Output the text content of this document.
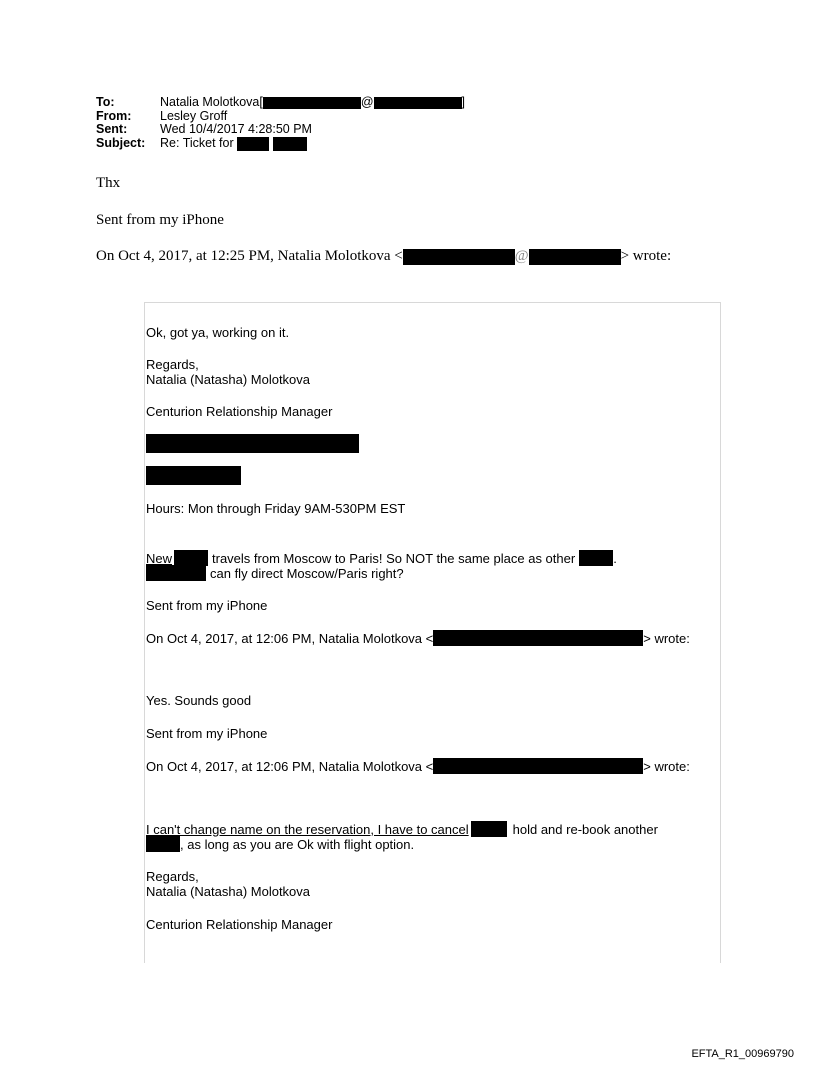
To:	Natalia Molotkova[	@	]
From:	Lesley Groff
Sent:	Wed 10/4/2017 4:28:50 PM
Subject:	Re: Ticket for

Thx
Sent from my iPhone
On Oct 4, 2017, at 12:25 PM, Natalia Molotkova <	@	> wrote:
Ok, got ya, working on it.
Regards,
Natalia (Natasha) Molotkova
Centurion Relationship Manager
Hours: Mon through Friday 9AM-530PM EST
New	travels from Moscow to Paris! So NOT the same place as other	.
can fly direct Moscow/Paris right?
Sent from my iPhone
On Oct 4, 2017, at 12:06 PM, Natalia Molotkova <	> wrote:
Yes. Sounds good
Sent from my iPhone
On Oct 4, 2017, at 12:06 PM, Natalia Molotkova <	> wrote:
I can't change name on the reservation, I have to cancel	hold and re-book another
, as long as you are Ok with flight option.
Regards,
Natalia (Natasha) Molotkova
Centurion Relationship Manager
EFTA_R1_00969790
